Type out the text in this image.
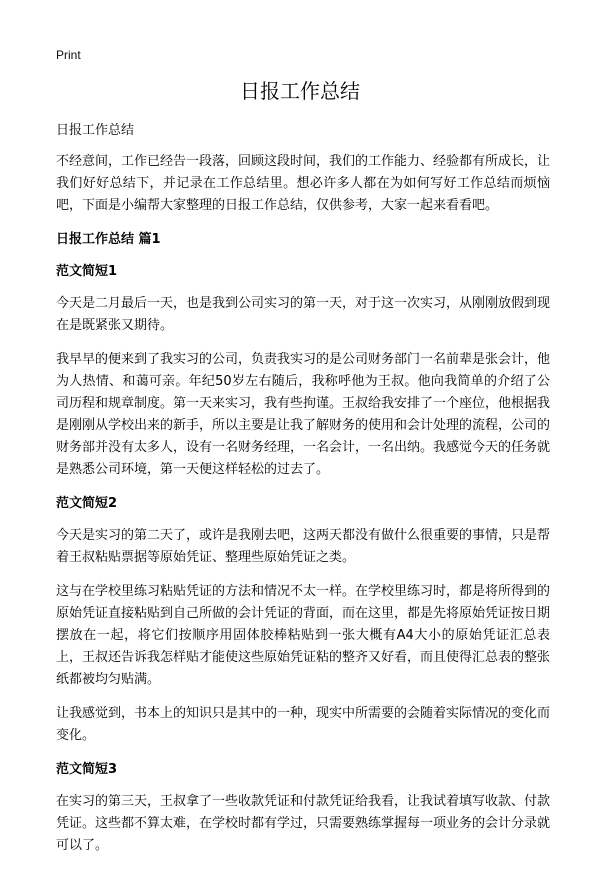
Print
日报工作总结
日报工作总结

不经意间，工作已经告一段落，回顾这段时间，我们的工作能力、经验都有所成长，让我们好好总结下，并记录在工作总结里。想必许多人都在为如何写好工作总结而烦恼吧，下面是小编帮大家整理的日报工作总结，仅供参考，大家一起来看看吧。

日报工作总结 篇1
范文简短1

今天是二月最后一天，也是我到公司实习的第一天，对于这一次实习，从刚刚放假到现在是既紧张又期待。

我早早的便来到了我实习的公司，负责我实习的是公司财务部门一名前辈是张会计，他为人热情、和蔼可亲。年纪50岁左右随后，我称呼他为王叔。他向我简单的介绍了公司历程和规章制度。第一天来实习，我有些拘谨。王叔给我安排了一个座位，他根据我是刚刚从学校出来的新手，所以主要是让我了解财务的使用和会计处理的流程，公司的财务部并没有太多人，设有一名财务经理，一名会计，一名出纳。我感觉今天的任务就是熟悉公司环境，第一天便这样轻松的过去了。

范文简短2

今天是实习的第二天了，或许是我刚去吧，这两天都没有做什么很重要的事情，只是帮着王叔粘贴票据等原始凭证、整理些原始凭证之类。

这与在学校里练习粘贴凭证的方法和情况不太一样。在学校里练习时，都是将所得到的原始凭证直接粘贴到自己所做的会计凭证的背面，而在这里，都是先将原始凭证按日期摆放在一起，将它们按顺序用固体胶棒粘贴到一张大概有A4大小的原始凭证汇总表上，王叔还告诉我怎样贴才能使这些原始凭证粘的整齐又好看，而且使得汇总表的整张纸都被均匀贴满。

让我感觉到，书本上的知识只是其中的一种，现实中所需要的会随着实际情况的变化而变化。

范文简短3

在实习的第三天，王叔拿了一些收款凭证和付款凭证给我看，让我试着填写收款、付款凭证。这些都不算太难，在学校时都有学过，只需要熟练掌握每一项业务的会计分录就可以了。
